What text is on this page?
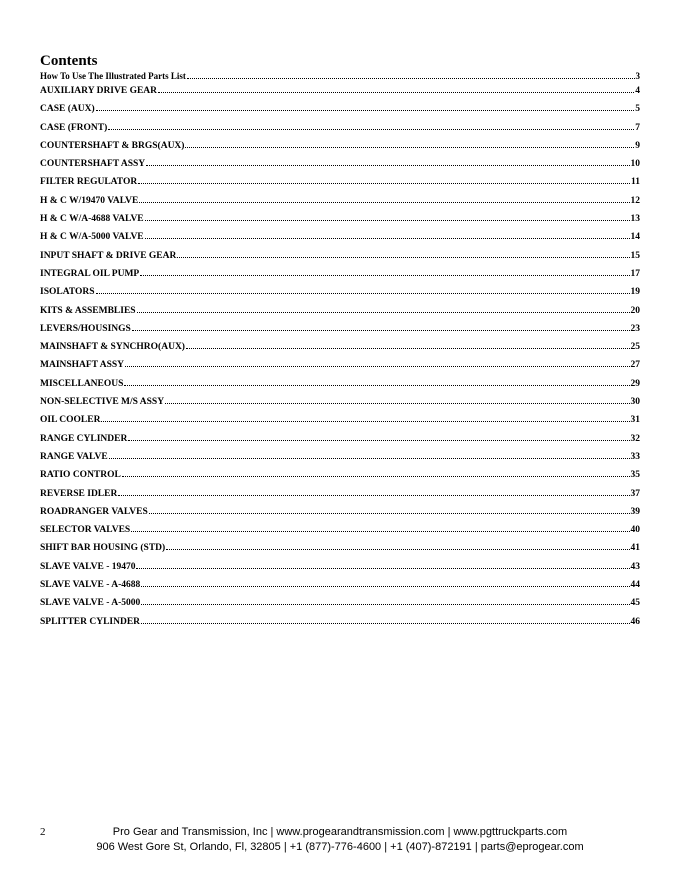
Contents
How To Use The Illustrated Parts List	3
AUXILIARY DRIVE GEAR	4
CASE (AUX)	5
CASE (FRONT)	7
COUNTERSHAFT & BRGS(AUX)	9
COUNTERSHAFT ASSY	10
FILTER REGULATOR	11
H & C W/19470 VALVE	12
H & C W/A-4688 VALVE	13
H & C W/A-5000 VALVE	14
INPUT SHAFT & DRIVE GEAR	15
INTEGRAL OIL PUMP	17
ISOLATORS	19
KITS & ASSEMBLIES	20
LEVERS/HOUSINGS	23
MAINSHAFT & SYNCHRO(AUX)	25
MAINSHAFT ASSY	27
MISCELLANEOUS	29
NON-SELECTIVE M/S ASSY	30
OIL COOLER	31
RANGE CYLINDER	32
RANGE VALVE	33
RATIO CONTROL	35
REVERSE IDLER	37
ROADRANGER VALVES	39
SELECTOR VALVES	40
SHIFT BAR HOUSING (STD)	41
SLAVE VALVE - 19470	43
SLAVE VALVE - A-4688	44
SLAVE VALVE - A-5000	45
SPLITTER CYLINDER	46
2	Pro Gear and Transmission, Inc | www.progearandtransmission.com | www.pgttruckparts.com
906 West Gore St, Orlando, Fl, 32805 | +1 (877)-776-4600 | +1 (407)-872191 | parts@eprogear.com
